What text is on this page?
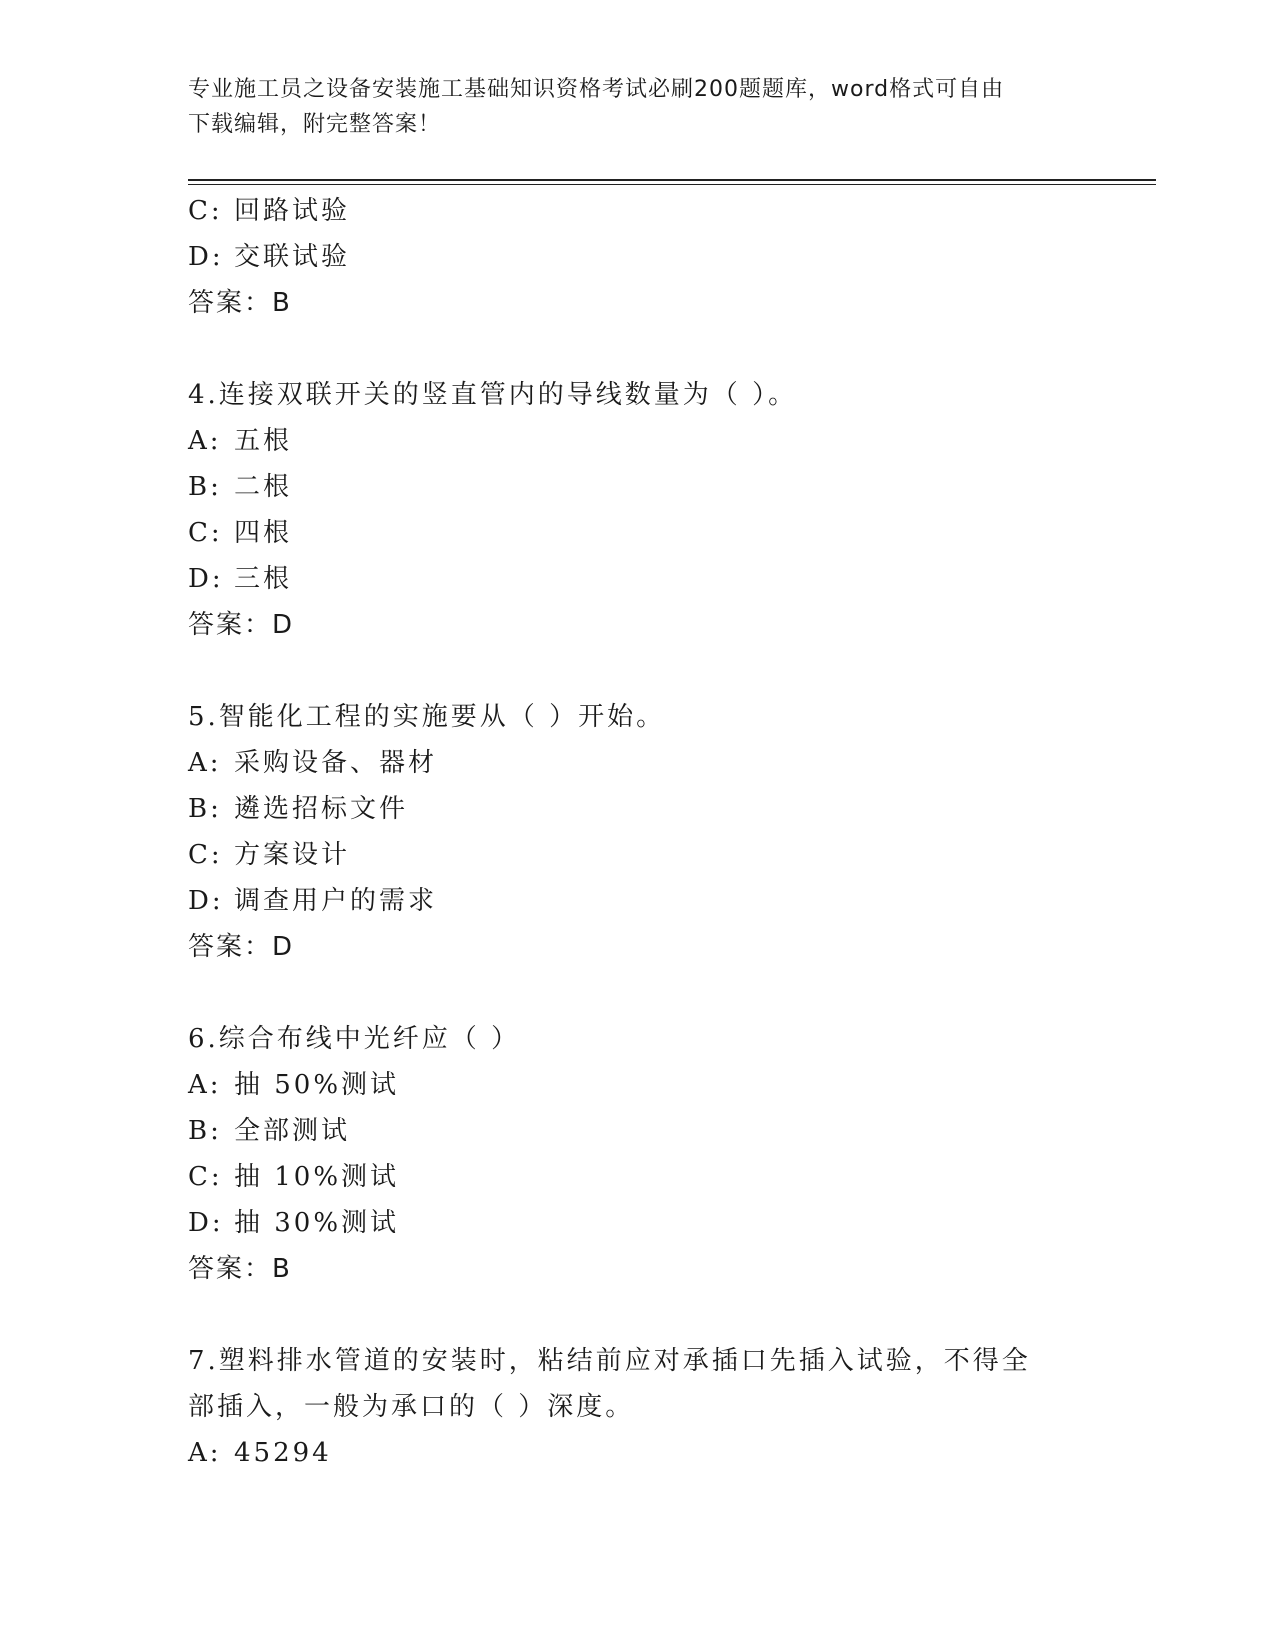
专业施工员之设备安装施工基础知识资格考试必刷200题题库，word格式可自由
下载编辑，附完整答案！
C: 回路试验
D: 交联试验
答案：B
4.连接双联开关的竖直管内的导线数量为（ ）。
A: 五根
B: 二根
C: 四根
D: 三根
答案：D
5.智能化工程的实施要从（ ）开始。
A: 采购设备、器材
B: 遴选招标文件
C: 方案设计
D: 调查用户的需求
答案：D
6.综合布线中光纤应（ ）
A: 抽 50%测试
B: 全部测试
C: 抽 10%测试
D: 抽 30%测试
答案：B
7.塑料排水管道的安装时，粘结前应对承插口先插入试验，不得全部插入，一般为承口的（ ）深度。
A: 45294
